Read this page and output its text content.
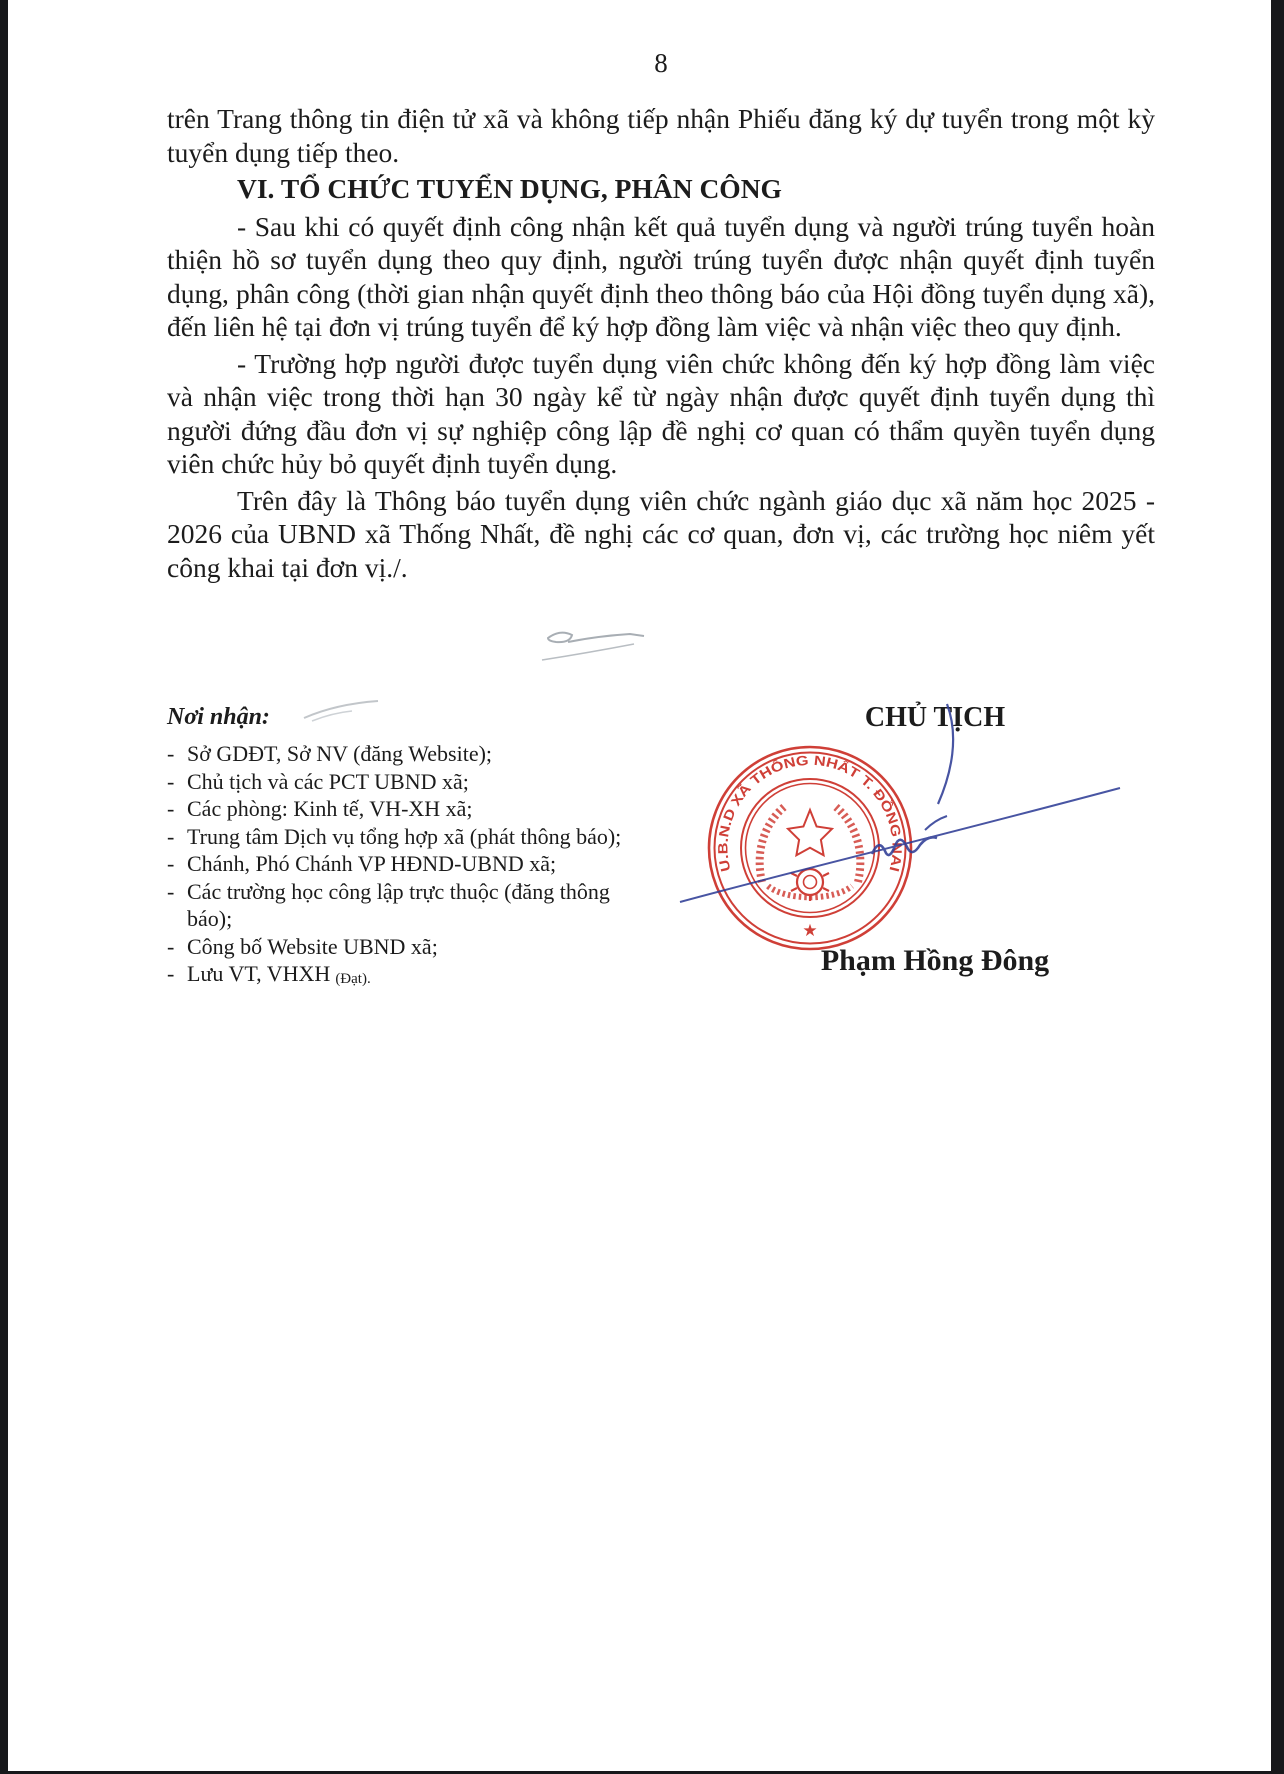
8

trên Trang thông tin điện tử xã và không tiếp nhận Phiếu đăng ký dự tuyển trong một kỳ tuyển dụng tiếp theo.

VI. TỔ CHỨC TUYỂN DỤNG, PHÂN CÔNG

- Sau khi có quyết định công nhận kết quả tuyển dụng và người trúng tuyển hoàn thiện hồ sơ tuyển dụng theo quy định, người trúng tuyển được nhận quyết định tuyển dụng, phân công (thời gian nhận quyết định theo thông báo của Hội đồng tuyển dụng xã), đến liên hệ tại đơn vị trúng tuyển để ký hợp đồng làm việc và nhận việc theo quy định.

- Trường hợp người được tuyển dụng viên chức không đến ký hợp đồng làm việc và nhận việc trong thời hạn 30 ngày kể từ ngày nhận được quyết định tuyển dụng thì người đứng đầu đơn vị sự nghiệp công lập đề nghị cơ quan có thẩm quyền tuyển dụng viên chức hủy bỏ quyết định tuyển dụng.

Trên đây là Thông báo tuyển dụng viên chức ngành giáo dục xã năm học 2025 - 2026 của UBND xã Thống Nhất, đề nghị các cơ quan, đơn vị, các trường học niêm yết công khai tại đơn vị./.

Nơi nhận:
- Sở GDĐT, Sở NV (đăng Website);
- Chủ tịch và các PCT UBND xã;
- Các phòng: Kinh tế, VH-XH xã;
- Trung tâm Dịch vụ tổng hợp xã (phát thông báo);
- Chánh, Phó Chánh VP HĐND-UBND xã;
- Các trường học công lập trực thuộc (đăng thông báo);
- Công bố Website UBND xã;
- Lưu VT, VHXH (Đạt).
CHỦ TỊCH
U.B.N.D XÃ THỐNG NHẤT T. ĐỒNG NAI
★
Phạm Hồng Đông
